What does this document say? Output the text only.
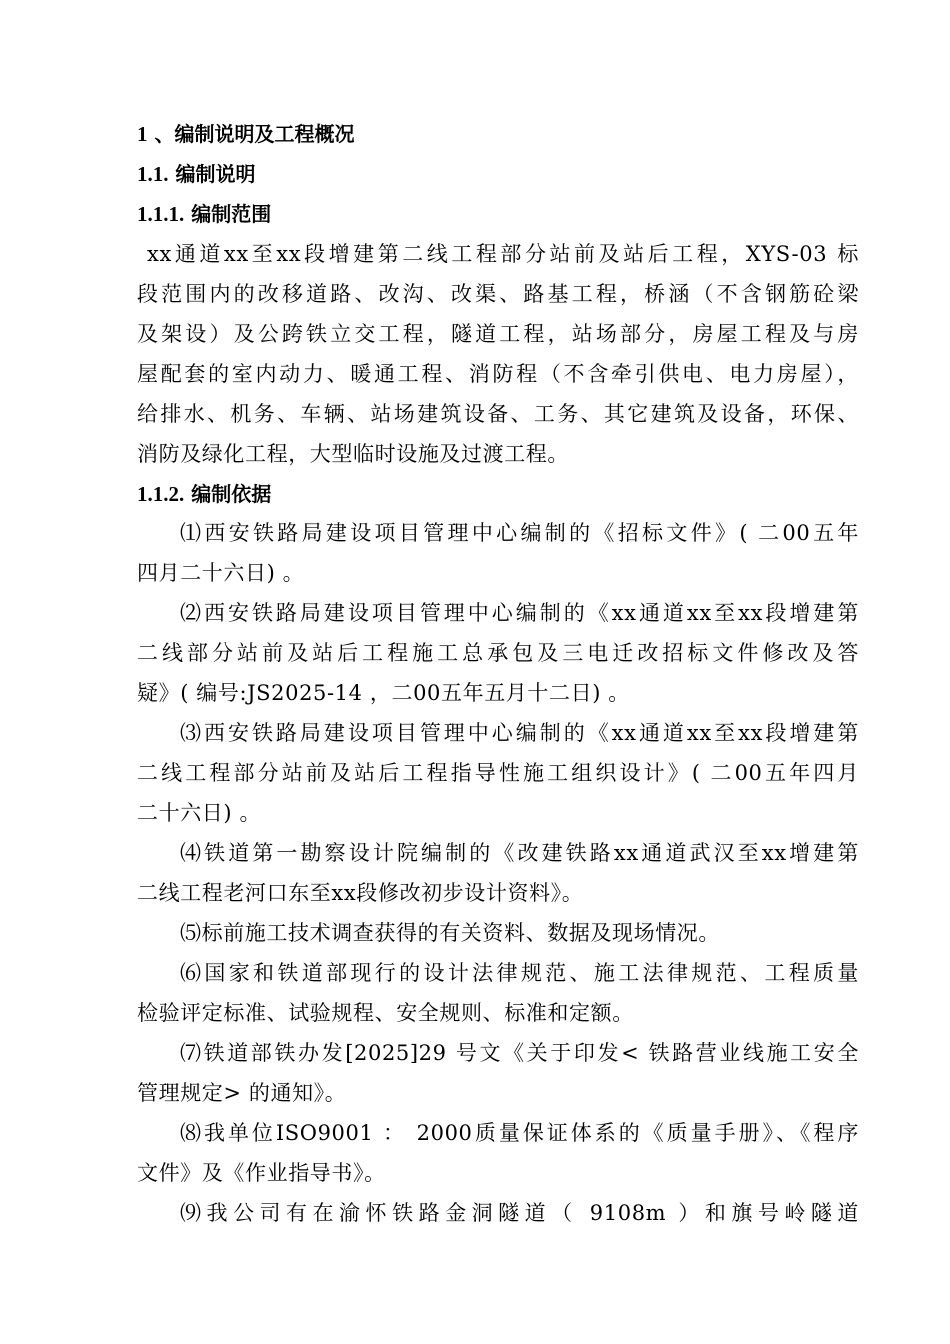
1 、编制说明及工程概况
1.1. 编制说明
1.1.1. 编制范围
xx通道xx至xx段增建第二线工程部分站前及站后工程，XYS-03 标
段范围内的改移道路、改沟、改渠、路基工程，桥涵（不含钢筋砼梁
及架设）及公跨铁立交工程，隧道工程，站场部分，房屋工程及与房
屋配套的室内动力、暖通工程、消防程（不含牵引供电、电力房屋），
给排水、机务、车辆、站场建筑设备、工务、其它建筑及设备，环保、
消防及绿化工程，大型临时设施及过渡工程。
1.1.2. 编制依据
⑴西安铁路局建设项目管理中心编制的《招标文件》( 二00五年
四月二十六日) 。
⑵西安铁路局建设项目管理中心编制的《xx通道xx至xx段增建第
二线部分站前及站后工程施工总承包及三电迁改招标文件修改及答
疑》( 编号:JS2025-14 ，二00五年五月十二日) 。
⑶西安铁路局建设项目管理中心编制的《xx通道xx至xx段增建第
二线工程部分站前及站后工程指导性施工组织设计》( 二00五年四月
二十六日) 。
⑷铁道第一勘察设计院编制的《改建铁路xx通道武汉至xx增建第
二线工程老河口东至xx段修改初步设计资料》。
⑸标前施工技术调查获得的有关资料、数据及现场情况。
⑹国家和铁道部现行的设计法律规范、施工法律规范、工程质量
检验评定标准、试验规程、安全规则、标准和定额。
⑺铁道部铁办发[2025]29 号文《关于印发< 铁路营业线施工安全
管理规定> 的通知》。
⑻我单位ISO9001 ： 2000质量保证体系的《质量手册》、《程序
文件》及《作业指导书》。
⑼我公司有在渝怀铁路金洞隧道（ 9108m ）和旗号岭隧道
